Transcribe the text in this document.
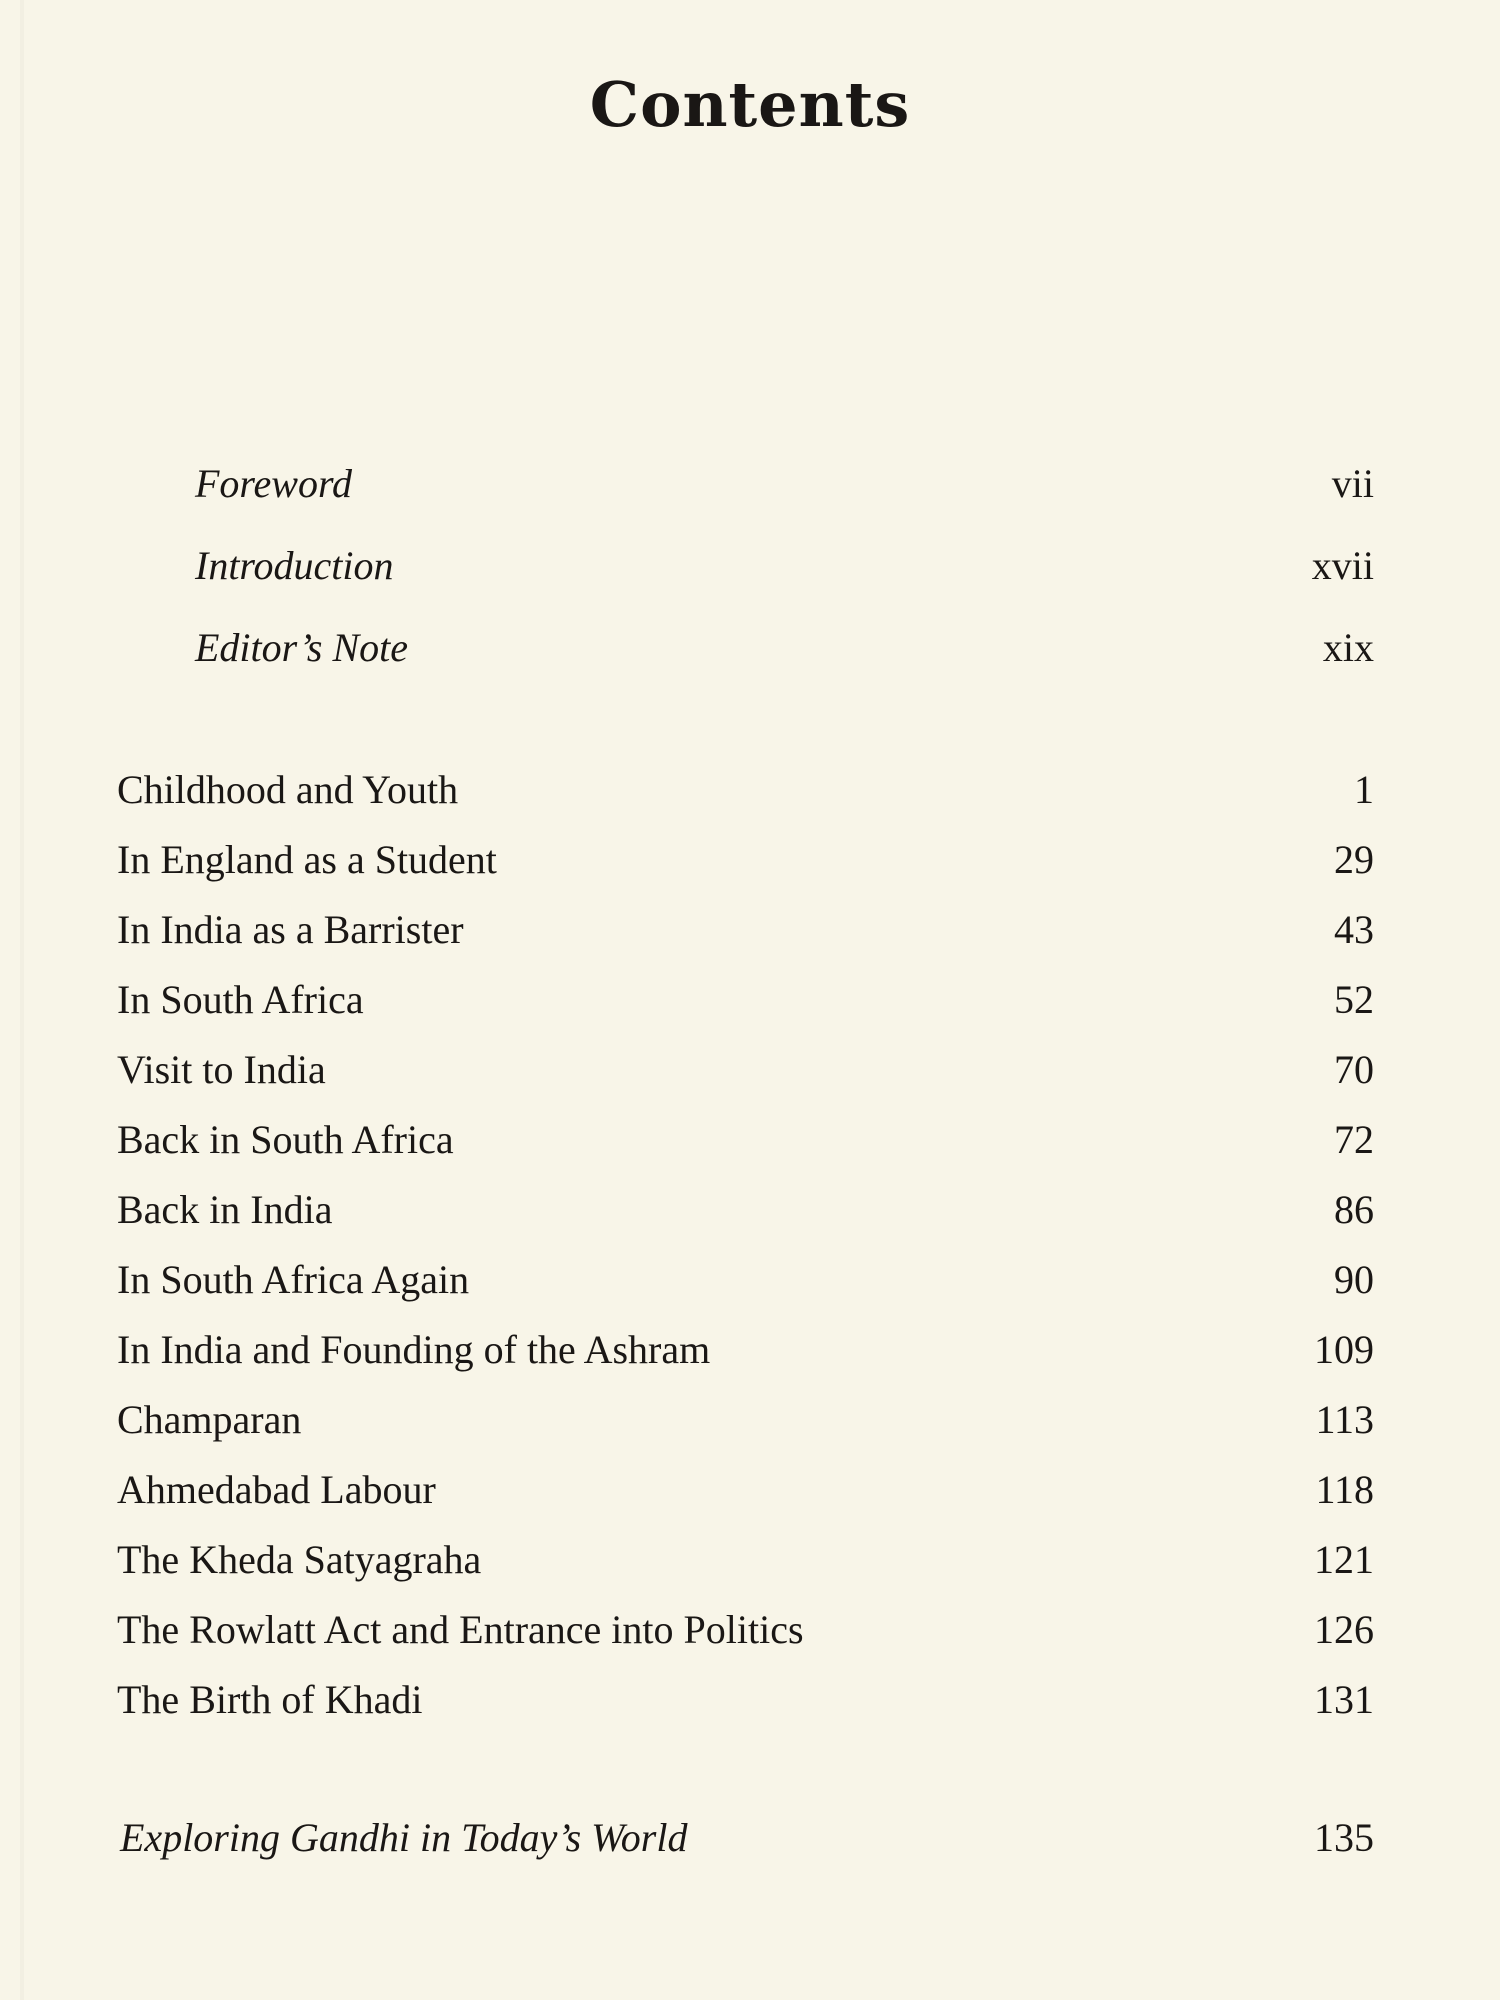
Contents
Foreword	vii
Introduction	xvii
Editor’s Note	xix
Childhood and Youth	1
In England as a Student	29
In India as a Barrister	43
In South Africa	52
Visit to India	70
Back in South Africa	72
Back in India	86
In South Africa Again	90
In India and Founding of the Ashram	109
Champaran	113
Ahmedabad Labour	118
The Kheda Satyagraha	121
The Rowlatt Act and Entrance into Politics	126
The Birth of Khadi	131
Exploring Gandhi in Today’s World	135
